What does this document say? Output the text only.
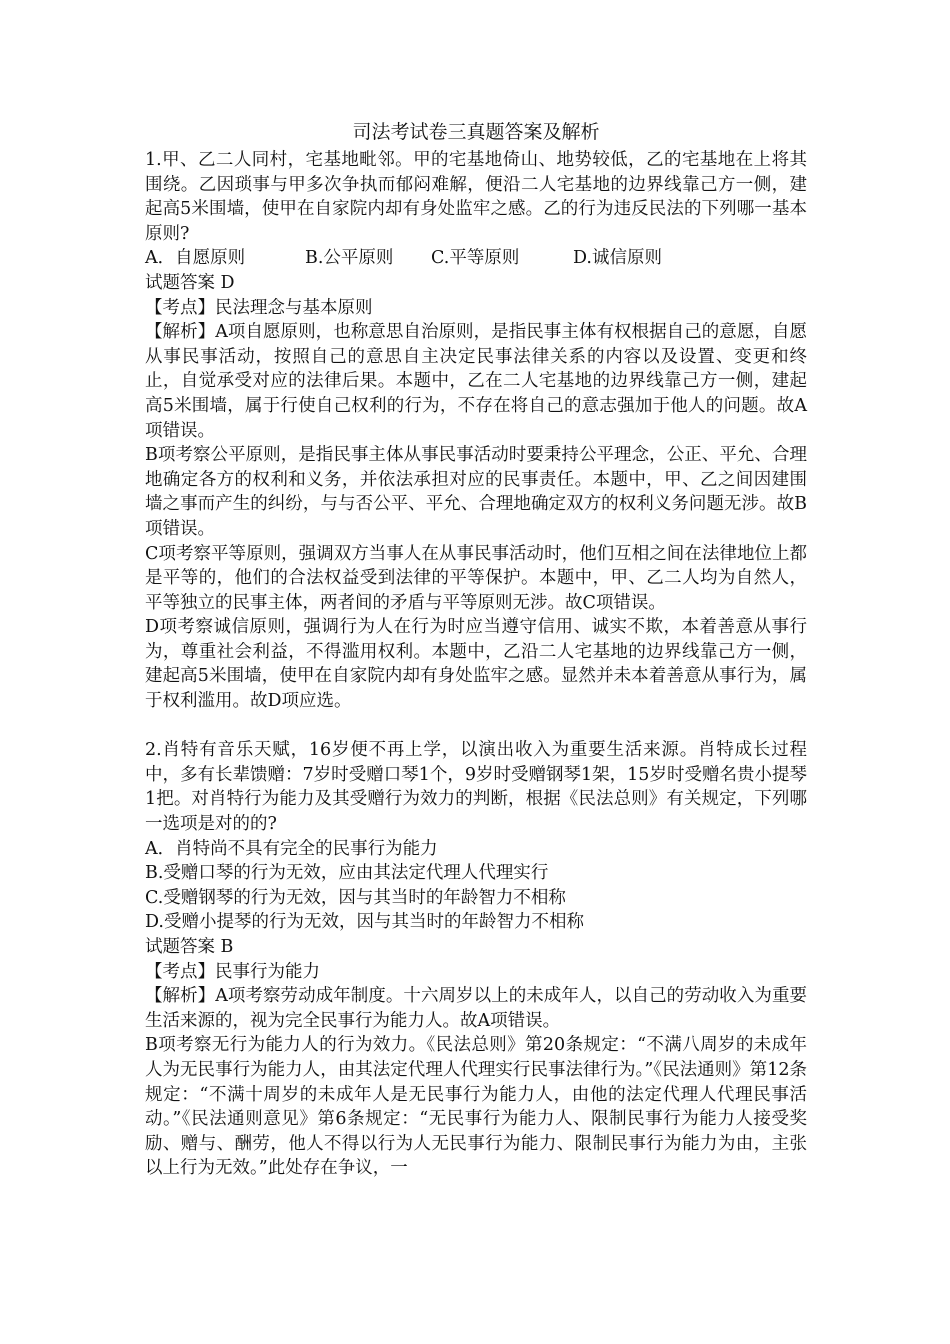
司法考试卷三真题答案及解析

1.甲、乙二人同村，宅基地毗邻。甲的宅基地倚山、地势较低，乙的宅基地在上将其围绕。乙因琐事与甲多次争执而郁闷难解，便沿二人宅基地的边界线靠己方一侧，建起高5米围墙，使甲在自家院内却有身处监牢之感。乙的行为违反民法的下列哪一基本原则?

A．自愿原则	B.公平原则 C.平等原则	D.诚信原则

试题答案 D

【考点】民法理念与基本原则

【解析】A项自愿原则，也称意思自治原则，是指民事主体有权根据自己的意愿，自愿从事民事活动，按照自己的意思自主决定民事法律关系的内容以及设置、变更和终止，自觉承受对应的法律后果。本题中，乙在二人宅基地的边界线靠己方一侧，建起高5米围墙，属于行使自己权利的行为，不存在将自己的意志强加于他人的问题。故A项错误。

B项考察公平原则，是指民事主体从事民事活动时要秉持公平理念，公正、平允、合理地确定各方的权利和义务，并依法承担对应的民事责任。本题中，甲、乙之间因建围墙之事而产生的纠纷，与与否公平、平允、合理地确定双方的权利义务问题无涉。故B项错误。

C项考察平等原则，强调双方当事人在从事民事活动时，他们互相之间在法律地位上都是平等的，他们的合法权益受到法律的平等保护。本题中，甲、乙二人均为自然人，平等独立的民事主体，两者间的矛盾与平等原则无涉。故C项错误。

D项考察诚信原则，强调行为人在行为时应当遵守信用、诚实不欺，本着善意从事行为，尊重社会利益，不得滥用权利。本题中，乙沿二人宅基地的边界线靠己方一侧，建起高5米围墙，使甲在自家院内却有身处监牢之感。显然并未本着善意从事行为，属于权利滥用。故D项应选。

2.肖特有音乐天赋，16岁便不再上学，以演出收入为重要生活来源。肖特成长过程中，多有长辈馈赠：7岁时受赠口琴1个，9岁时受赠钢琴1架，15岁时受赠名贵小提琴1把。对肖特行为能力及其受赠行为效力的判断，根据《民法总则》有关规定，下列哪一选项是对的的?

A．肖特尚不具有完全的民事行为能力

B.受赠口琴的行为无效，应由其法定代理人代理实行

C.受赠钢琴的行为无效，因与其当时的年龄智力不相称

D.受赠小提琴的行为无效，因与其当时的年龄智力不相称

试题答案 B

【考点】民事行为能力

【解析】A项考察劳动成年制度。十六周岁以上的未成年人，以自己的劳动收入为重要生活来源的，视为完全民事行为能力人。故A项错误。

B项考察无行为能力人的行为效力。《民法总则》第20条规定：“不满八周岁的未成年人为无民事行为能力人，由其法定代理人代理实行民事法律行为。”《民法通则》第12条规定：“不满十周岁的未成年人是无民事行为能力人，由他的法定代理人代理民事活动。”《民法通则意见》第6条规定：“无民事行为能力人、限制民事行为能力人接受奖励、赠与、酬劳，他人不得以行为人无民事行为能力、限制民事行为能力为由，主张以上行为无效。”此处存在争议，一
